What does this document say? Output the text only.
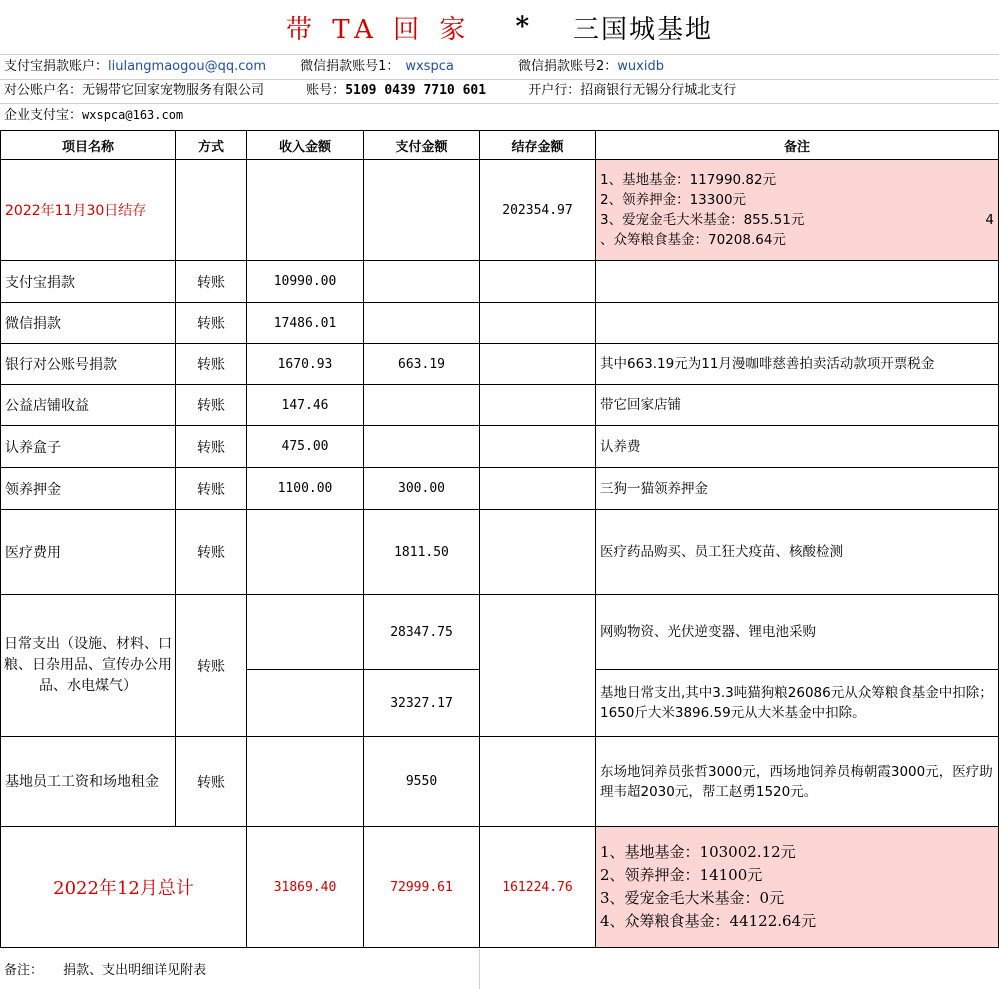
带 TA 回 家 * 三国城基地
支付宝捐款账户：liulangmaogou@qq.com	微信捐款账号1： wxspca	微信捐款账号2：wuxidb
对公账户名：无锡带它回家宠物服务有限公司	账号：5109 0439 7710 601	开户行：招商银行无锡分行城北支行
企业支付宝：wxspca@163.com
项目名称	方式	收入金额	支付金额	结存金额	备注
2022年11月30日结存				202354.97	1、基地基金：117990.82元
2、领养押金：13300元
3、爱宠金毛大米基金：855.51元 4
、众筹粮食基金：70208.64元

支付宝捐款	转账	10990.00			
微信捐款	转账	17486.01			
银行对公账号捐款	转账	1670.93	663.19		其中663.19元为11月漫咖啡慈善拍卖活动款项开票税金
公益店铺收益	转账	147.46			带它回家店铺
认养盒子	转账	475.00			认养费
领养押金	转账	1100.00	300.00		三狗一猫领养押金
医疗费用	转账		1811.50		医疗药品购买、员工狂犬疫苗、核酸检测
日常支出（设施、材料、口粮、日杂用品、宣传办公用品、水电煤气）	转账		28347.75		网购物资、光伏逆变器、锂电池采购
			32327.17		基地日常支出,其中3.3吨猫狗粮26086元从众筹粮食基金中扣除；1650斤大米3896.59元从大米基金中扣除。
基地员工工资和场地租金	转账		9550		东场地饲养员张哲3000元，西场地饲养员梅朝霞3000元，医疗助理韦超2030元，帮工赵勇1520元。
2022年12月总计		31869.40	72999.61	161224.76	1、基地基金：103002.12元
2、领养押金：14100元
3、爱宠金毛大米基金：0元
4、众筹粮食基金：44122.64元
备注： 捐款、支出明细详见附表
